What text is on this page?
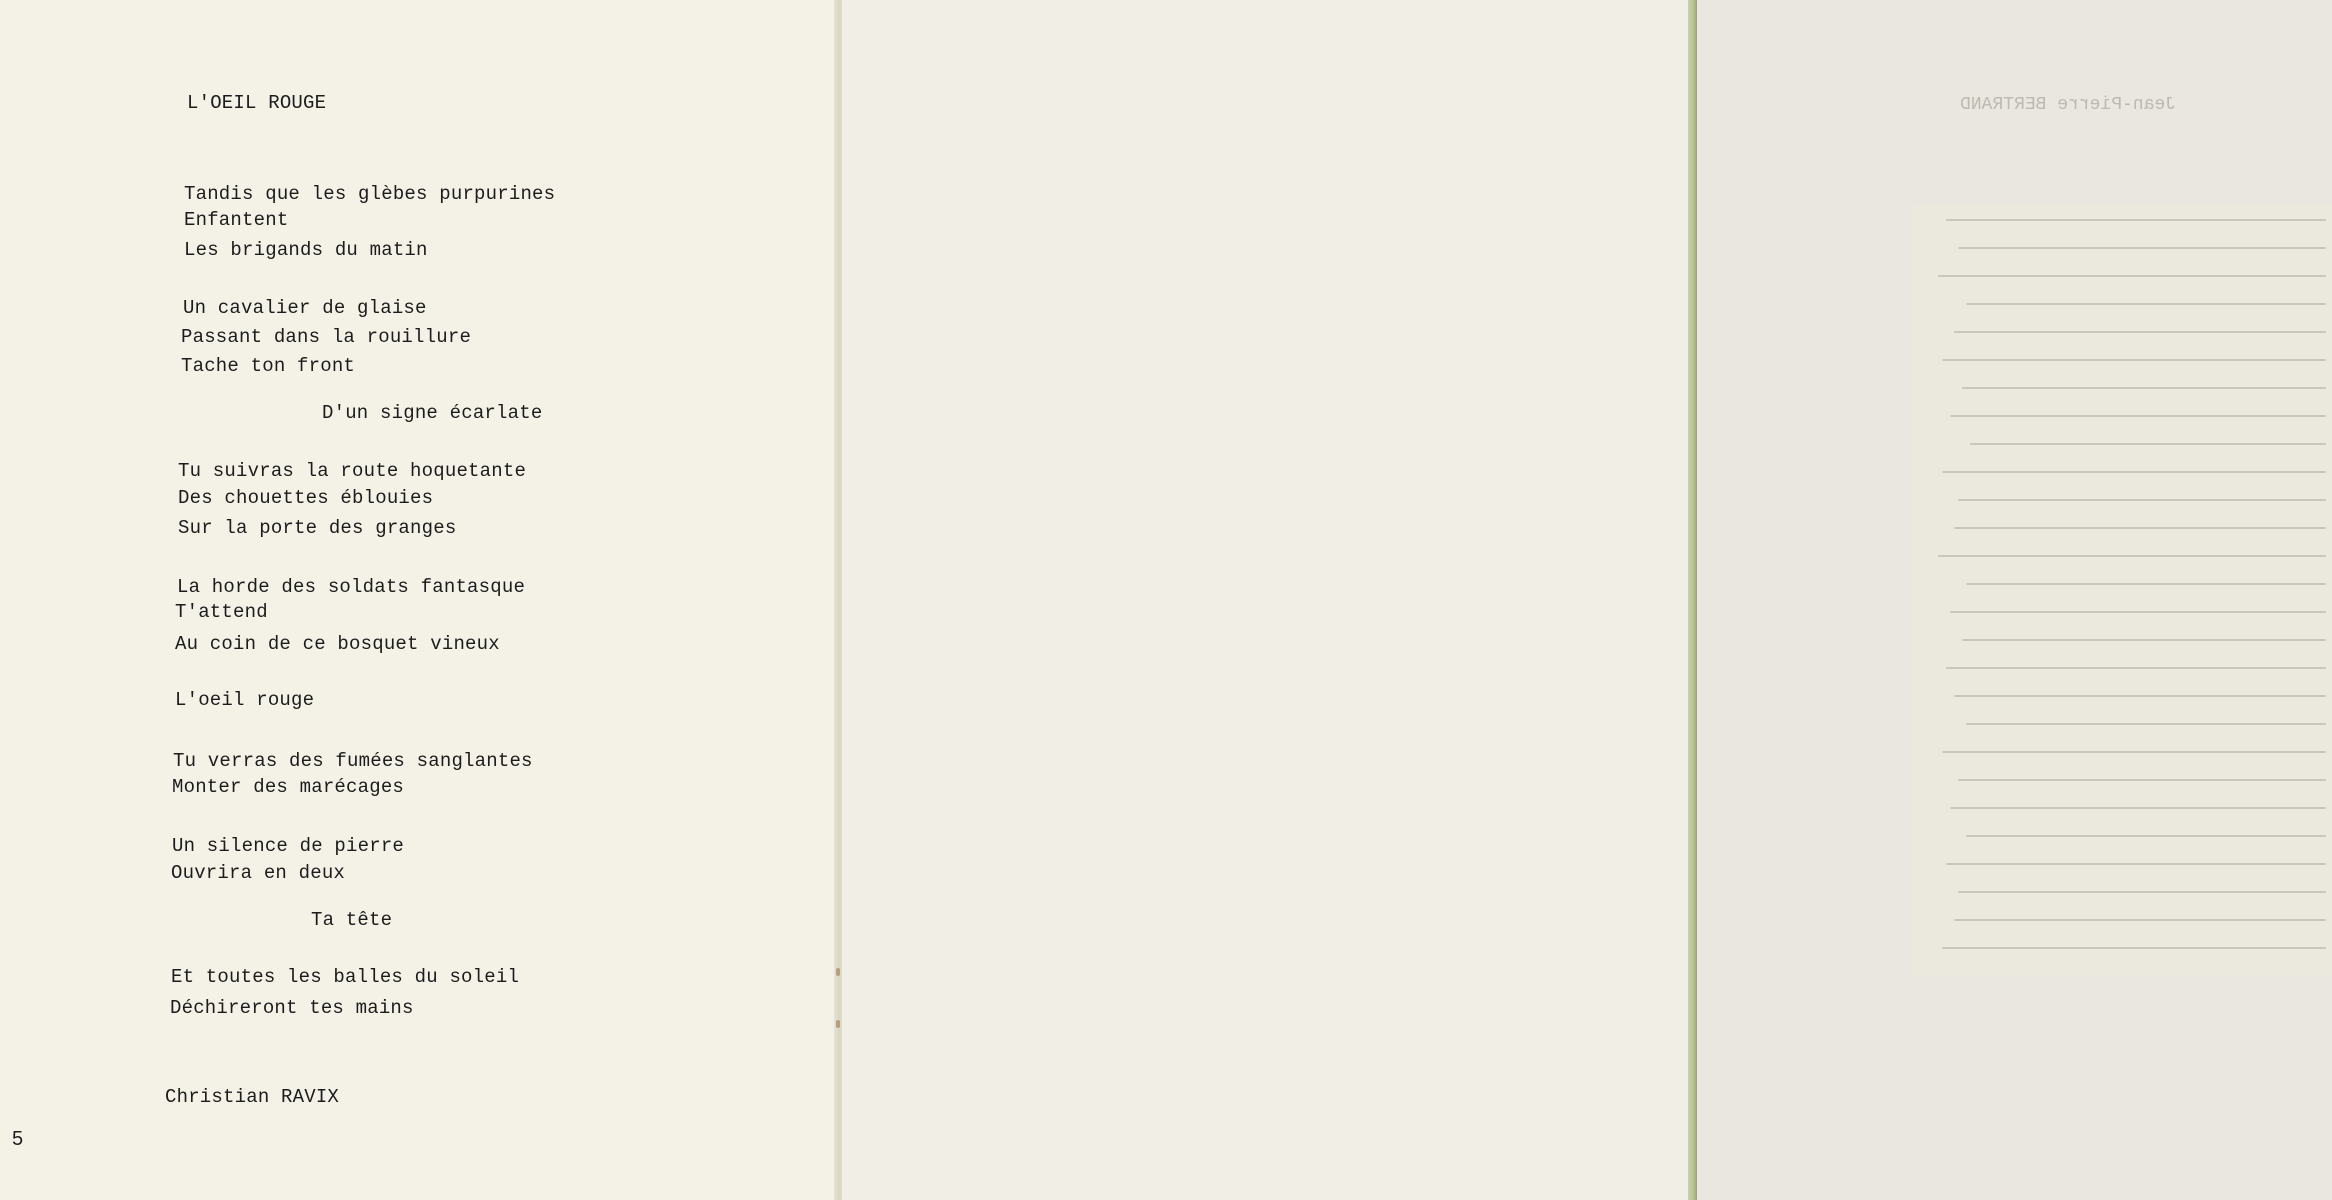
L'OEIL ROUGE
Tandis que les glèbes purpurines
Enfantent
Les brigands du matin
Un cavalier de glaise
Passant dans la rouillure
Tache ton front
D'un signe écarlate
Tu suivras la route hoquetante
Des chouettes éblouies
Sur la porte des granges
La horde des soldats fantasque
T'attend
Au coin de ce bosquet vineux
L'oeil rouge
Tu verras des fumées sanglantes
Monter des marécages
Un silence de pierre
Ouvrira en deux
Ta tête
Et toutes les balles du soleil
Déchireront tes mains
Christian RAVIX
5
Jean-Pierre BERTRAND
